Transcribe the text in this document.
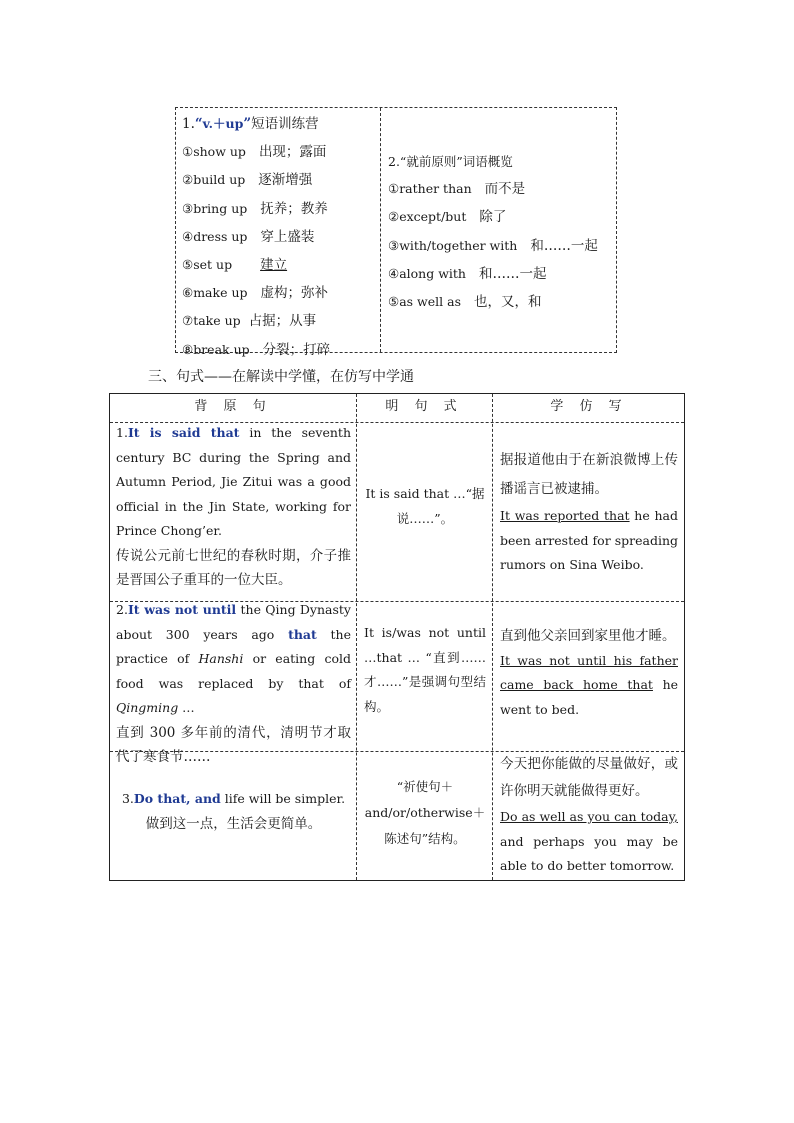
1.“v.＋up”短语训练营
①show up 出现；露面
②build up 逐渐增强
③bring up 抚养；教养
④dress up 穿上盛装
⑤set up 建立
⑥make up 虚构；弥补
⑦take up 占据；从事
⑧break up 分裂；打碎
2.“就前原则”词语概览
①rather than 而不是
②except/but 除了
③with/together with 和……一起
④along with 和……一起
⑤as well as 也，又，和
三、句式——在解读中学懂，在仿写中学通
背 原 句	明 句 式	学 仿 写
1.It is said that in the seventh century BC during the Spring and Autumn Period, Jie Zitui was a good official in the Jin State, working for Prince Chong’er.
传说公元前七世纪的春秋时期，介子推是晋国公子重耳的一位大臣。
It is said that …“据说……”。
据报道他由于在新浪微博上传播谣言已被逮捕。
It was reported that he had been arrested for spreading rumors on Sina Weibo.
2.It was not until the Qing Dynasty about 300 years ago that the practice of Hanshi or eating cold food was replaced by that of Qingming …
直到 300 多年前的清代，清明节才取代了寒食节……
It is/was not until …that … “直到……才……”是强调句型结构。
直到他父亲回到家里他才睡。
It was not until his father came back home that he went to bed.
3.Do that, and life will be simpler.
做到这一点，生活会更简单。
“祈使句＋and/or/otherwise＋陈述句”结构。
今天把你能做的尽量做好，或许你明天就能做得更好。
Do as well as you can today, and perhaps you may be able to do better tomorrow.
